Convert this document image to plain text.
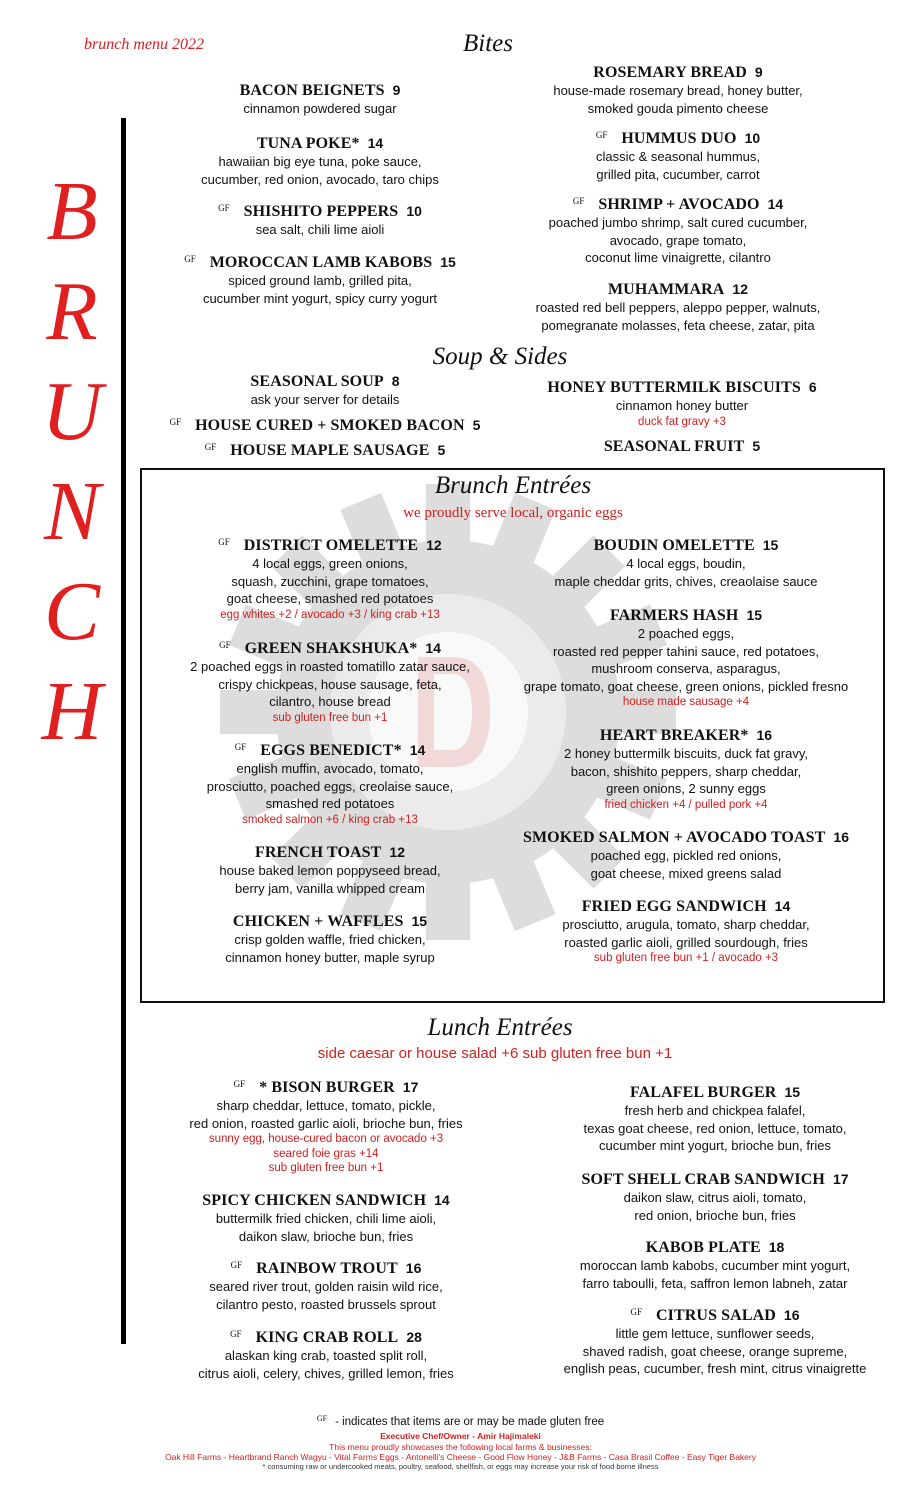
brunch menu 2022
B
R
U
N
C
H
Bites
Soup & Sides
Brunch Entrées
we proudly serve local, organic eggs
Lunch Entrées
side caesar or house salad +6 sub gluten free bun +1
BACON BEIGNETS 9
cinnamon powdered sugar
TUNA POKE* 14
hawaiian big eye tuna, poke sauce,
cucumber, red onion, avocado, taro chips
$^{GF}$ SHISHITO PEPPERS 10
sea salt, chili lime aioli
$^{GF}$ MOROCCAN LAMB KABOBS 15
spiced ground lamb, grilled pita,
cucumber mint yogurt, spicy curry yogurt
ROSEMARY BREAD 9
house-made rosemary bread, honey butter,
smoked gouda pimento cheese
$^{GF}$ HUMMUS DUO 10
classic & seasonal hummus,
grilled pita, cucumber, carrot
$^{GF}$ SHRIMP + AVOCADO 14
poached jumbo shrimp, salt cured cucumber,
avocado, grape tomato,
coconut lime vinaigrette, cilantro
MUHAMMARA 12
roasted red bell peppers, aleppo pepper, walnuts,
pomegranate molasses, feta cheese, zatar, pita
SEASONAL SOUP 8
ask your server for details
$^{GF}$ HOUSE CURED + SMOKED BACON 5
$^{GF}$ HOUSE MAPLE SAUSAGE 5
HONEY BUTTERMILK BISCUITS 6
cinnamon honey butter
duck fat gravy +3
SEASONAL FRUIT 5
$^{GF}$ DISTRICT OMELETTE 12
4 local eggs, green onions,
squash, zucchini, grape tomatoes,
goat cheese, smashed red potatoes
egg whites +2 / avocado +3 / king crab +13
$^{GF}$ GREEN SHAKSHUKA* 14
2 poached eggs in roasted tomatillo zatar sauce,
crispy chickpeas, house sausage, feta,
cilantro, house bread
sub gluten free bun +1
$^{GF}$ EGGS BENEDICT* 14
english muffin, avocado, tomato,
prosciutto, poached eggs, creolaise sauce,
smashed red potatoes
smoked salmon +6 / king crab +13
FRENCH TOAST 12
house baked lemon poppyseed bread,
berry jam, vanilla whipped cream
CHICKEN + WAFFLES 15
crisp golden waffle, fried chicken,
cinnamon honey butter, maple syrup
BOUDIN OMELETTE 15
4 local eggs, boudin,
maple cheddar grits, chives, creaolaise sauce
FARMERS HASH 15
2 poached eggs,
roasted red pepper tahini sauce, red potatoes,
mushroom conserva, asparagus,
grape tomato, goat cheese, green onions, pickled fresno
house made sausage +4
HEART BREAKER* 16
2 honey buttermilk biscuits, duck fat gravy,
bacon, shishito peppers, sharp cheddar,
green onions, 2 sunny eggs
fried chicken +4 / pulled pork +4
SMOKED SALMON + AVOCADO TOAST 16
poached egg, pickled red onions,
goat cheese, mixed greens salad
FRIED EGG SANDWICH 14
prosciutto, arugula, tomato, sharp cheddar,
roasted garlic aioli, grilled sourdough, fries
sub gluten free bun +1 / avocado +3
$^{GF}$ * BISON BURGER 17
sharp cheddar, lettuce, tomato, pickle,
red onion, roasted garlic aioli, brioche bun, fries
sunny egg, house-cured bacon or avocado +3
seared foie gras +14
sub gluten free bun +1
SPICY CHICKEN SANDWICH 14
buttermilk fried chicken, chili lime aioli,
daikon slaw, brioche bun, fries
$^{GF}$ RAINBOW TROUT 16
seared river trout, golden raisin wild rice,
cilantro pesto, roasted brussels sprout
$^{GF}$ KING CRAB ROLL 28
alaskan king crab, toasted split roll,
citrus aioli, celery, chives, grilled lemon, fries
FALAFEL BURGER 15
fresh herb and chickpea falafel,
texas goat cheese, red onion, lettuce, tomato,
cucumber mint yogurt, brioche bun, fries
SOFT SHELL CRAB SANDWICH 17
daikon slaw, citrus aioli, tomato,
red onion, brioche bun, fries
KABOB PLATE 18
moroccan lamb kabobs, cucumber mint yogurt,
farro taboulli, feta, saffron lemon labneh, zatar
$^{GF}$ CITRUS SALAD 16
little gem lettuce, sunflower seeds,
shaved radish, goat cheese, orange supreme,
english peas, cucumber, fresh mint, citrus vinaigrette
$^{GF}$ - indicates that items are or may be made gluten free
Executive Chef/Owner - Amir Hajimaleki
This menu proudly showcases the following local farms & businesses:
Oak Hill Farms - Heartbrand Ranch Wagyu - Vital Farms Eggs - Antonelli's Cheese - Good Flow Honey - J&B Farms - Casa Brasil Coffee - Easy Tiger Bakery
* consuming raw or undercooked meats, poultry, seafood, shellfish, or eggs may increase your risk of food borne illness
